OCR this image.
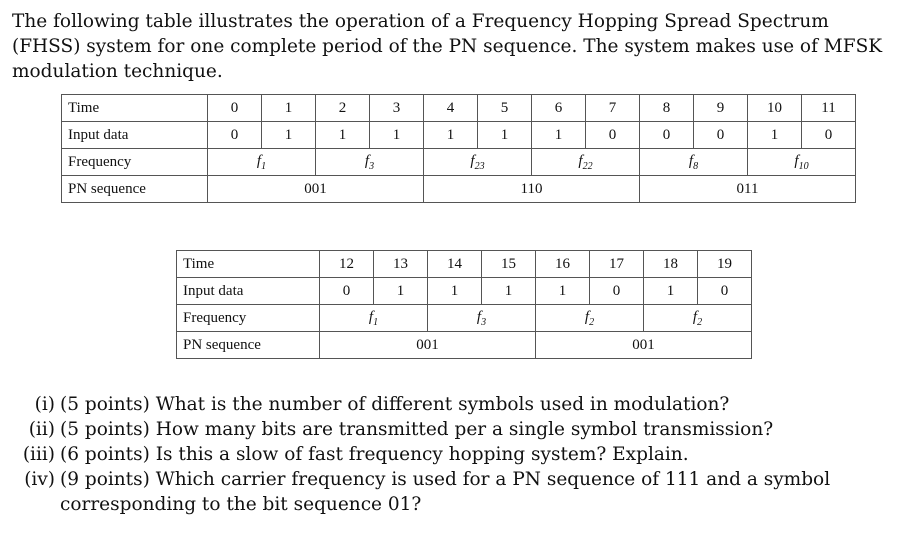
The following table illustrates the operation of a Frequency Hopping Spread Spectrum (FHSS) system for one complete period of the PN sequence. The system makes use of MFSK modulation technique.

Time	0	1	2	3	4	5	6	7	8	9	10	11
Input data	0	1	1	1	1	1	1	0	0	0	1	0
Frequency	$f_1$		$f_3$		$f_{23}$		$f_{22}$		$f_8$		$f_{10}$
PN sequence	001				110				011			
Time	12	13	14	15	16	17	18	19
Input data	0	1	1	1	1	0	1	0
Frequency	$f_1$		$f_3$		$f_2$		$f_2$
PN sequence	001				001			
(i) (5 points) What is the number of different symbols used in modulation?
(ii) (5 points) How many bits are transmitted per a single symbol transmission?
(iii) (6 points) Is this a slow of fast frequency hopping system? Explain.
(iv) (9 points) Which carrier frequency is used for a PN sequence of 111 and a symbol corresponding to the bit sequence 01?
